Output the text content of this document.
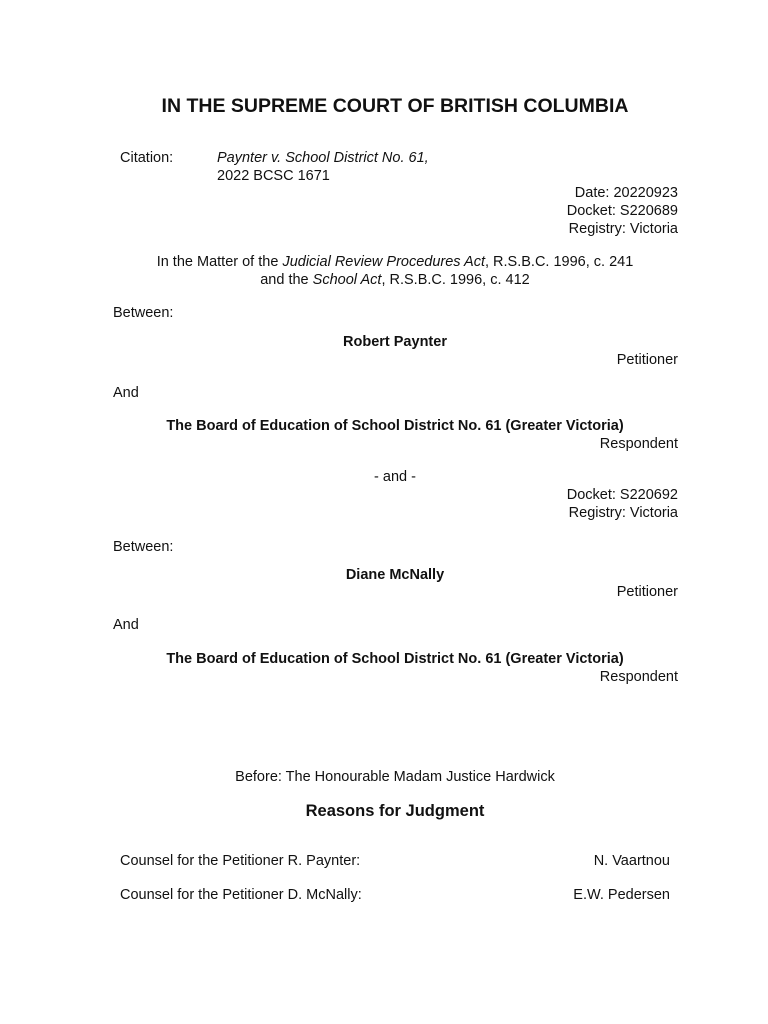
IN THE SUPREME COURT OF BRITISH COLUMBIA
Citation:	Paynter v. School District No. 61,
2022 BCSC 1671
Date: 20220923
Docket: S220689
Registry: Victoria
In the Matter of the Judicial Review Procedures Act, R.S.B.C. 1996, c. 241
and the School Act, R.S.B.C. 1996, c. 412
Between:
Robert Paynter
Petitioner
And
The Board of Education of School District No. 61 (Greater Victoria)
Respondent
- and -
Docket: S220692
Registry: Victoria
Between:
Diane McNally
Petitioner
And
The Board of Education of School District No. 61 (Greater Victoria)
Respondent
Before: The Honourable Madam Justice Hardwick
Reasons for Judgment
Counsel for the Petitioner R. Paynter:	N. Vaartnou
Counsel for the Petitioner D. McNally:	E.W. Pedersen
